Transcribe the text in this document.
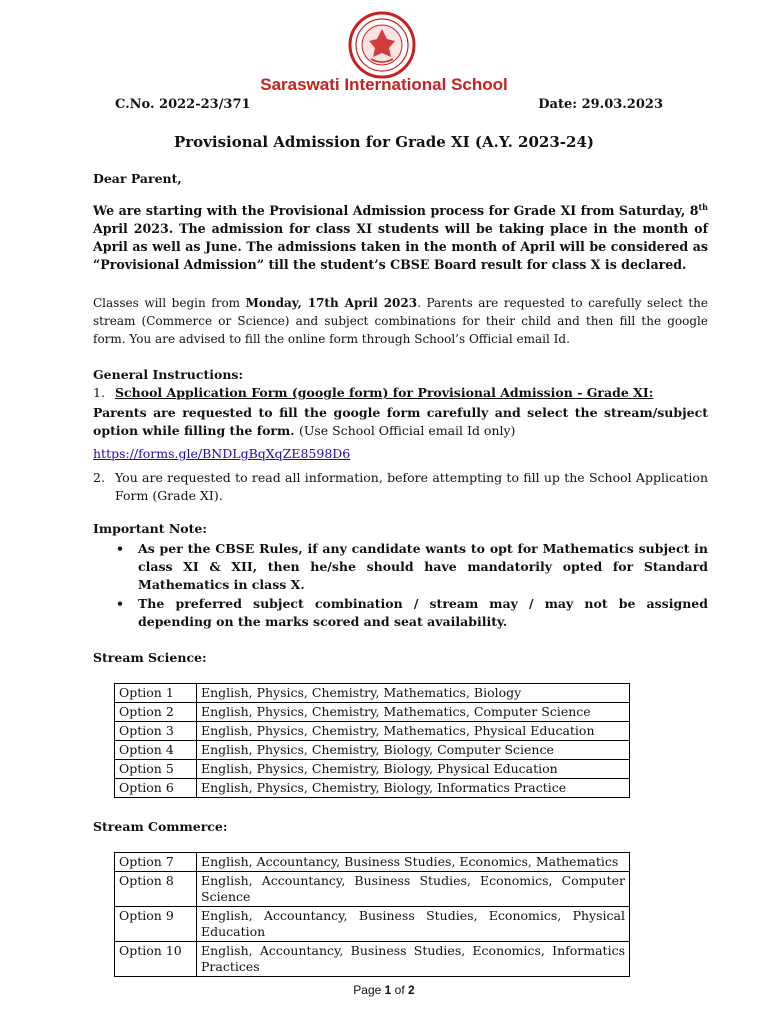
Saraswati International School
C.No. 2022-23/371	Date: 29.03.2023
Provisional Admission for Grade XI (A.Y. 2023-24)
Dear Parent,
We are starting with the Provisional Admission process for Grade XI from Saturday, 8th April 2023. The admission for class XI students will be taking place in the month of April as well as June. The admissions taken in the month of April will be considered as “Provisional Admission” till the student’s CBSE Board result for class X is declared.
Classes will begin from Monday, 17th April 2023. Parents are requested to carefully select the stream (Commerce or Science) and subject combinations for their child and then fill the google form. You are advised to fill the online form through School’s Official email Id.
General Instructions:
1. School Application Form (google form) for Provisional Admission - Grade XI:
Parents are requested to fill the google form carefully and select the stream/subject option while filling the form. (Use School Official email Id only)
https://forms.gle/BNDLgBqXqZE8598D6
2. You are requested to read all information, before attempting to fill up the School Application Form (Grade XI).
Important Note:
• As per the CBSE Rules, if any candidate wants to opt for Mathematics subject in class XI & XII, then he/she should have mandatorily opted for Standard Mathematics in class X.
• The preferred subject combination / stream may / may not be assigned depending on the marks scored and seat availability.
Stream Science:
Option 1	English, Physics, Chemistry, Mathematics, Biology
Option 2	English, Physics, Chemistry, Mathematics, Computer Science
Option 3	English, Physics, Chemistry, Mathematics, Physical Education
Option 4	English, Physics, Chemistry, Biology, Computer Science
Option 5	English, Physics, Chemistry, Biology, Physical Education
Option 6	English, Physics, Chemistry, Biology, Informatics Practice
Stream Commerce:
Option 7	English, Accountancy, Business Studies, Economics, Mathematics
Option 8	English, Accountancy, Business Studies, Economics, Computer Science
Option 9	English, Accountancy, Business Studies, Economics, Physical Education
Option 10	English, Accountancy, Business Studies, Economics, Informatics Practices
Page 1 of 2
